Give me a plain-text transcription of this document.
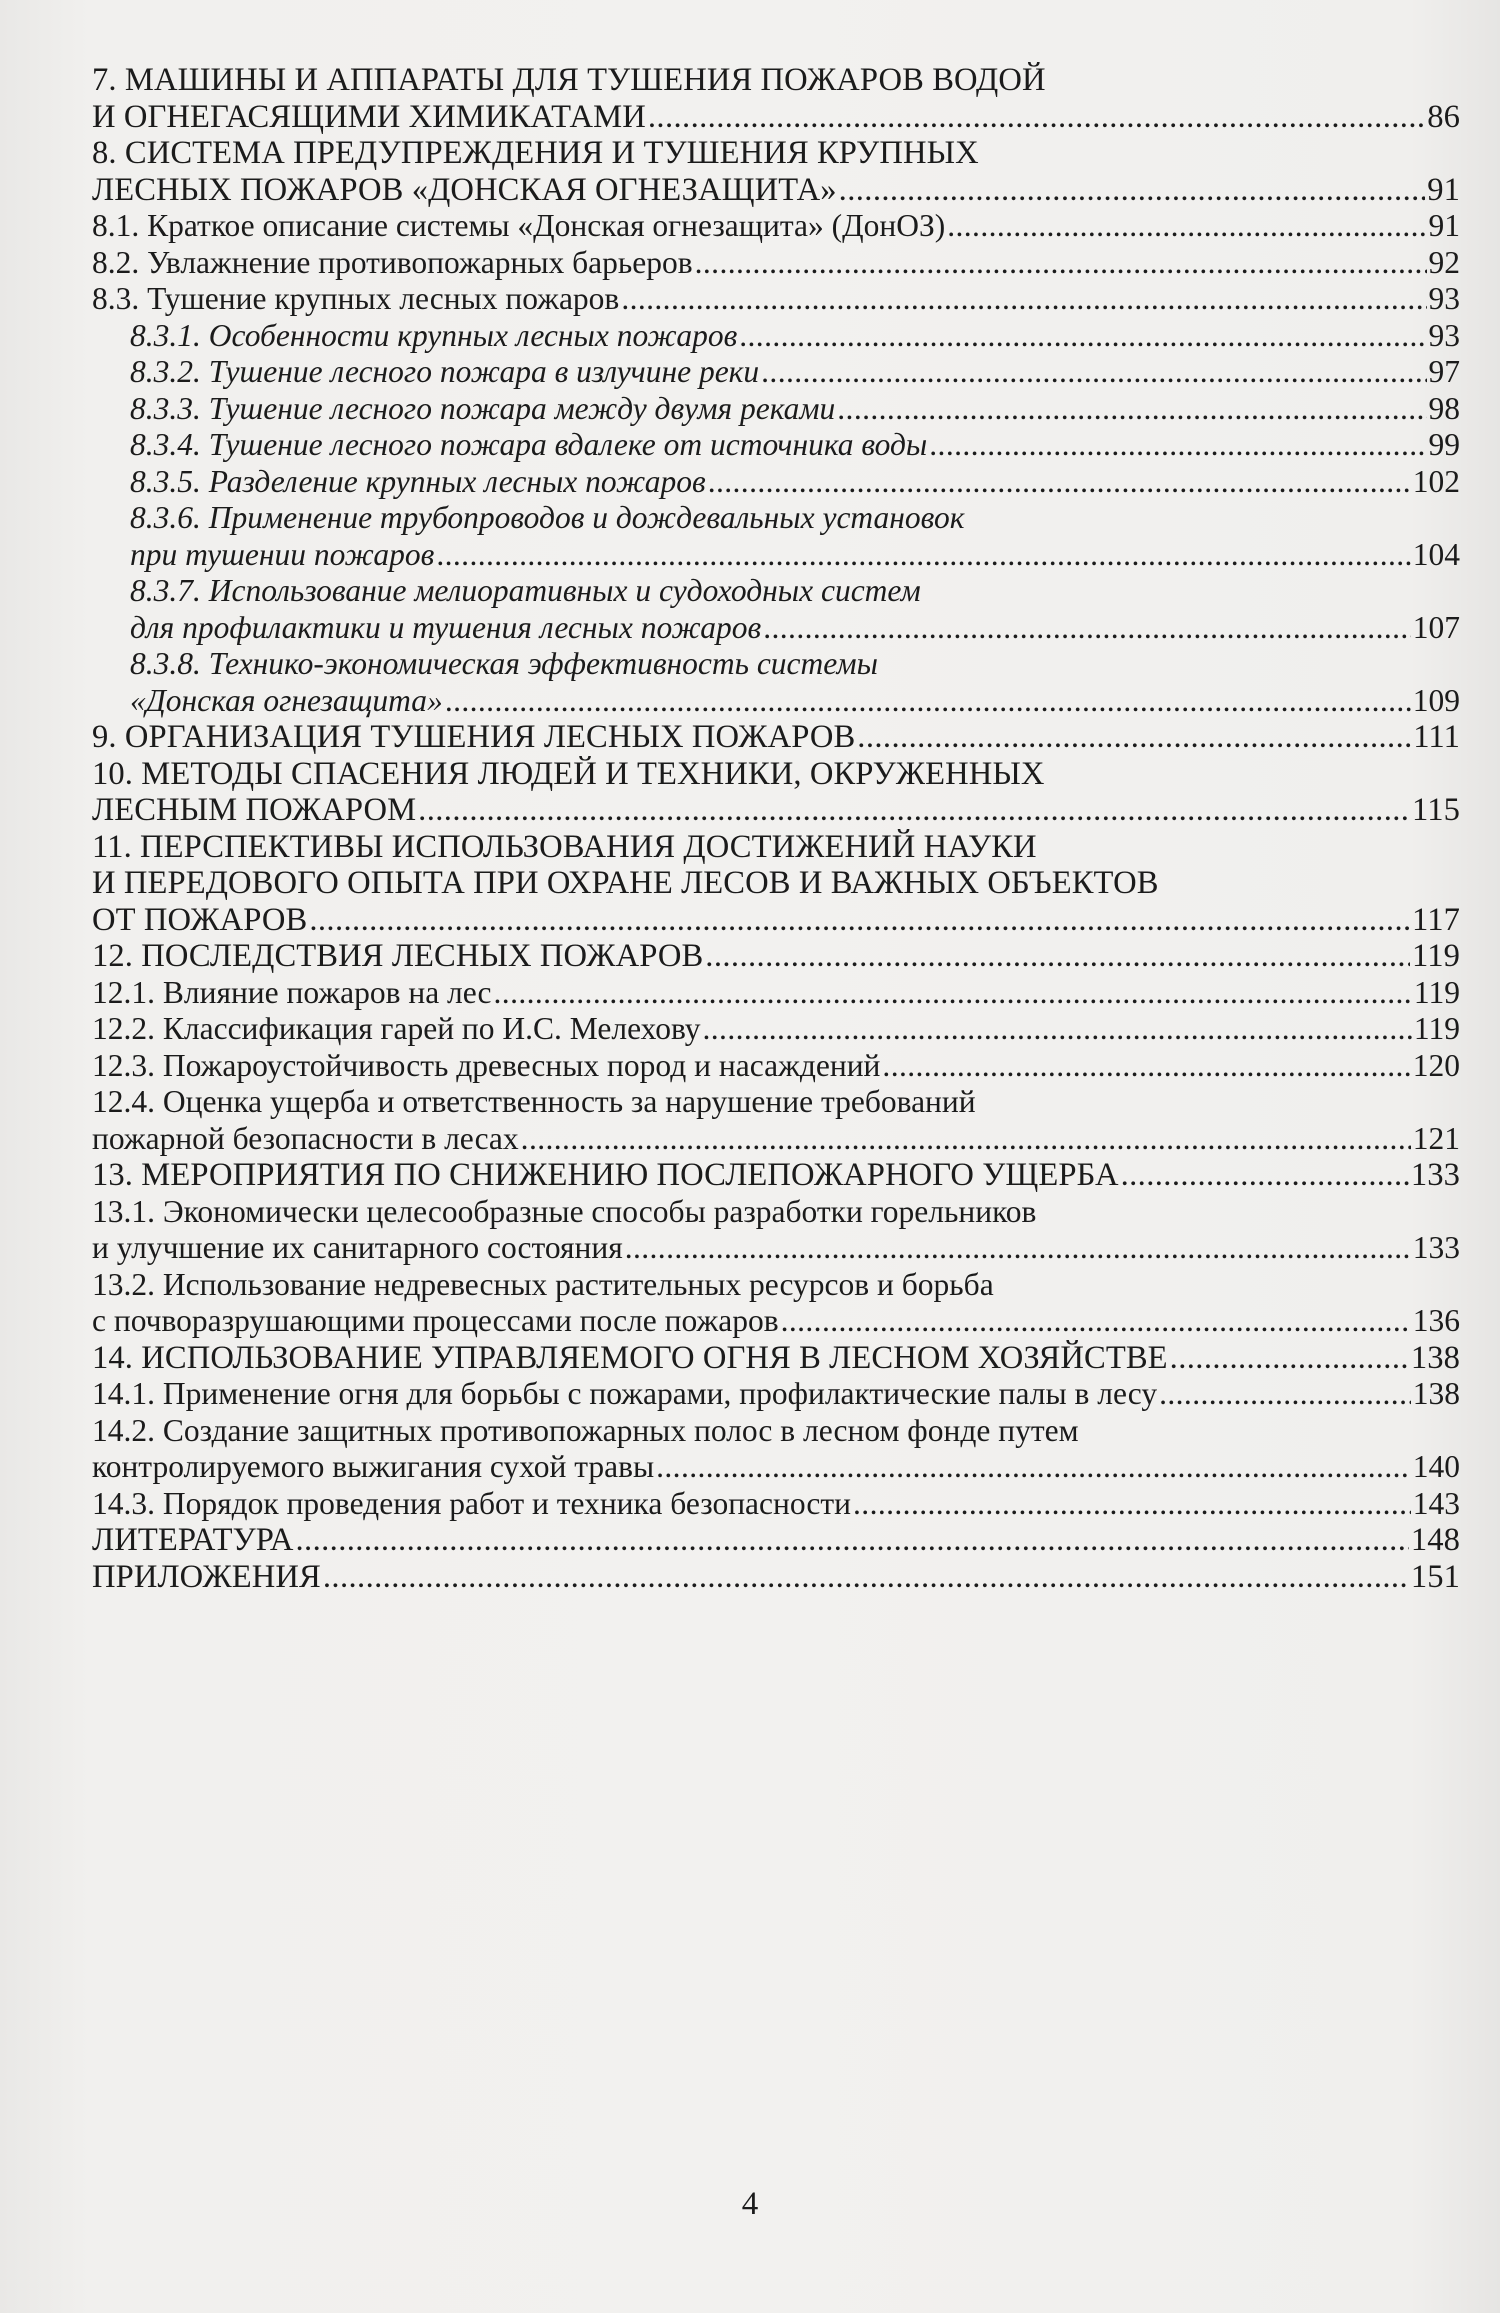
7. МАШИНЫ И АППАРАТЫ ДЛЯ ТУШЕНИЯ ПОЖАРОВ ВОДОЙ
И ОГНЕГАСЯЩИМИ ХИМИКАТАМИ .....	86
8. СИСТЕМА ПРЕДУПРЕЖДЕНИЯ И ТУШЕНИЯ КРУПНЫХ
ЛЕСНЫХ ПОЖАРОВ «ДОНСКАЯ ОГНЕЗАЩИТА» .....	91
8.1. Краткое описание системы «Донская огнезащита» (ДонОЗ) .....	91
8.2. Увлажнение противопожарных барьеров .....	92
8.3. Тушение крупных лесных пожаров .....	93
8.3.1. Особенности крупных лесных пожаров .....	93
8.3.2. Тушение лесного пожара в излучине реки .....	97
8.3.3. Тушение лесного пожара между двумя реками .....	98
8.3.4. Тушение лесного пожара вдалеке от источника воды .....	99
8.3.5. Разделение крупных лесных пожаров .....	102
8.3.6. Применение трубопроводов и дождевальных установок
при тушении пожаров .....	104
8.3.7. Использование мелиоративных и судоходных систем
для профилактики и тушения лесных пожаров .....	107
8.3.8. Технико-экономическая эффективность системы
«Донская огнезащита» .....	109
9. ОРГАНИЗАЦИЯ ТУШЕНИЯ ЛЕСНЫХ ПОЖАРОВ .....	111
10. МЕТОДЫ СПАСЕНИЯ ЛЮДЕЙ И ТЕХНИКИ, ОКРУЖЕННЫХ
ЛЕСНЫМ ПОЖАРОМ .....	115
11. ПЕРСПЕКТИВЫ ИСПОЛЬЗОВАНИЯ ДОСТИЖЕНИЙ НАУКИ
И ПЕРЕДОВОГО ОПЫТА ПРИ ОХРАНЕ ЛЕСОВ И ВАЖНЫХ ОБЪЕКТОВ
ОТ ПОЖАРОВ .....	117
12. ПОСЛЕДСТВИЯ ЛЕСНЫХ ПОЖАРОВ .....	119
12.1. Влияние пожаров на лес .....	119
12.2. Классификация гарей по И.С. Мелехову .....	119
12.3. Пожароустойчивость древесных пород и насаждений .....	120
12.4. Оценка ущерба и ответственность за нарушение требований
пожарной безопасности в лесах .....	121
13. МЕРОПРИЯТИЯ ПО СНИЖЕНИЮ ПОСЛЕПОЖАРНОГО УЩЕРБА .....	133
13.1. Экономически целесообразные способы разработки горельников
и улучшение их санитарного состояния .....	133
13.2. Использование недревесных растительных ресурсов и борьба
с почворазрушающими процессами после пожаров .....	136
14. ИСПОЛЬЗОВАНИЕ УПРАВЛЯЕМОГО ОГНЯ В ЛЕСНОМ ХОЗЯЙСТВЕ .....	138
14.1. Применение огня для борьбы с пожарами, профилактические палы в лесу .....	138
14.2. Создание защитных противопожарных полос в лесном фонде путем
контролируемого выжигания сухой травы .....	140
14.3. Порядок проведения работ и техника безопасности .....	143
ЛИТЕРАТУРА .....	148
ПРИЛОЖЕНИЯ .....	151
4
